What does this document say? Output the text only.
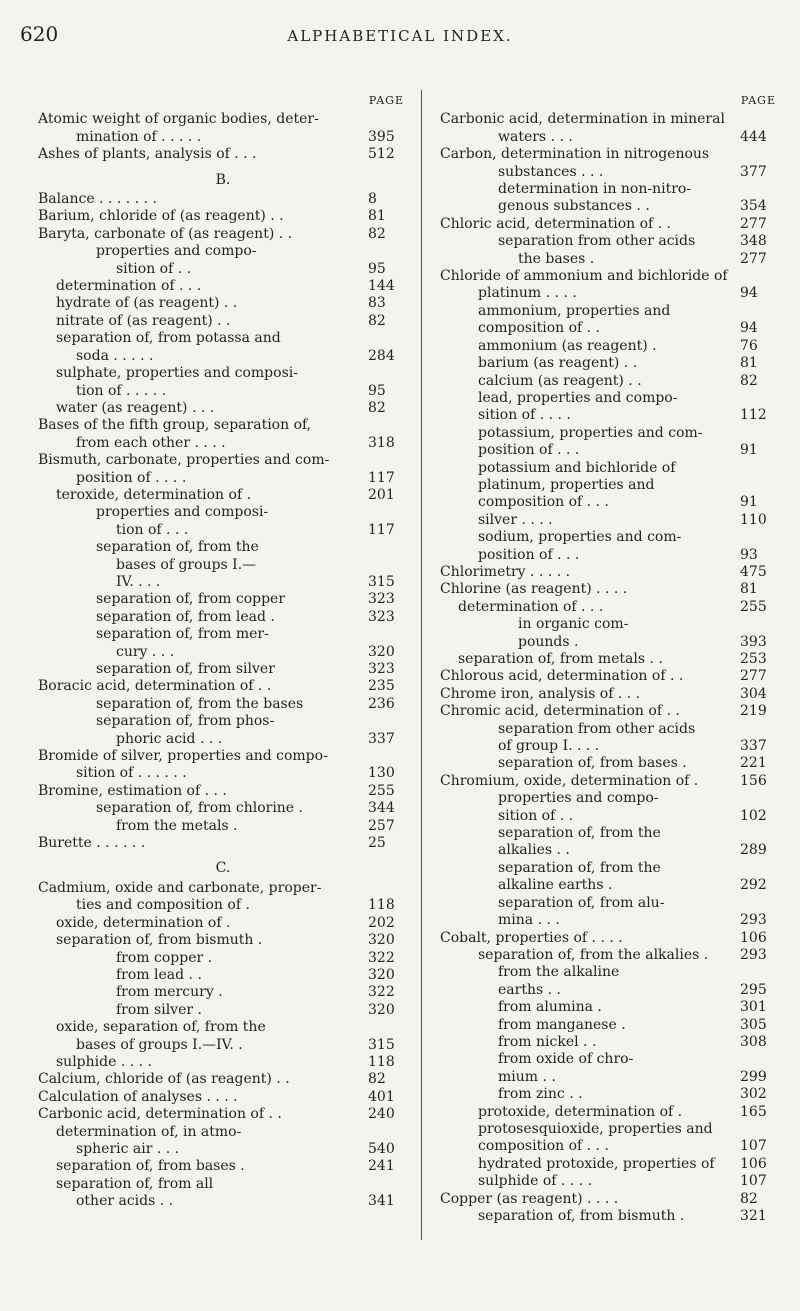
620	ALPHABETICAL INDEX.
PAGE
Atomic weight of organic bodies, deter-
mination of . . . . .	395
Ashes of plants, analysis of . . .	512
B.
Balance . . . . . . .	8
Barium, chloride of (as reagent) . .	81
Baryta, carbonate of (as reagent) . .	82
properties and compo-
sition of . .	95
determination of . . .	144
hydrate of (as reagent) . .	83
nitrate of (as reagent) . .	82
separation of, from potassa and
soda . . . . .	284
sulphate, properties and composi-
tion of . . . . .	95
water (as reagent) . . .	82
Bases of the fifth group, separation of,
from each other . . . .	318
Bismuth, carbonate, properties and com-
position of . . . .	117
teroxide, determination of .	201
properties and composi-
tion of . . .	117
separation of, from the
bases of groups I.—
IV. . . .	315
separation of, from copper	323
separation of, from lead .	323
separation of, from mer-
cury . . .	320
separation of, from silver	323
Boracic acid, determination of . .	235
separation of, from the bases	236
separation of, from phos-
phoric acid . . .	337
Bromide of silver, properties and compo-
sition of . . . . . .	130
Bromine, estimation of . . .	255
separation of, from chlorine .	344
from the metals .	257
Burette . . . . . .	25
C.
Cadmium, oxide and carbonate, proper-
ties and composition of .	118
oxide, determination of .	202
separation of, from bismuth .	320
from copper .	322
from lead . .	320
from mercury .	322
from silver .	320
oxide, separation of, from the
bases of groups I.—IV. .	315
sulphide . . . .	118
Calcium, chloride of (as reagent) . .	82
Calculation of analyses . . . .	401
Carbonic acid, determination of . .	240
determination of, in atmo-
spheric air . . .	540
separation of, from bases .	241
separation of, from all
other acids . .	341
PAGE
Carbonic acid, determination in mineral
waters . . .	444
Carbon, determination in nitrogenous
substances . . .	377
determination in non-nitro-
genous substances . .	354
Chloric acid, determination of . .	277
separation from other acids	348
the bases .	277
Chloride of ammonium and bichloride of
platinum . . . .	94
ammonium, properties and
composition of . .	94
ammonium (as reagent) .	76
barium (as reagent) . .	81
calcium (as reagent) . .	82
lead, properties and compo-
sition of . . . .	112
potassium, properties and com-
position of . . .	91
potassium and bichloride of
platinum, properties and
composition of . . .	91
silver . . . .	110
sodium, properties and com-
position of . . .	93
Chlorimetry . . . . .	475
Chlorine (as reagent) . . . .	81
determination of . . .	255
in organic com-
pounds .	393
separation of, from metals . .	253
Chlorous acid, determination of . .	277
Chrome iron, analysis of . . .	304
Chromic acid, determination of . .	219
separation from other acids
of group I. . . .	337
separation of, from bases .	221
Chromium, oxide, determination of .	156
properties and compo-
sition of . .	102
separation of, from the
alkalies . .	289
separation of, from the
alkaline earths .	292
separation of, from alu-
mina . . .	293
Cobalt, properties of . . . .	106
separation of, from the alkalies . 293
from the alkaline
earths . .	295
from alumina .	301
from manganese .	305
from nickel . .	308
from oxide of chro-
mium . .	299
from zinc . .	302
protoxide, determination of .	165
protosesquioxide, properties and
composition of . . .	107
hydrated protoxide, properties of 106
sulphide of . . . .	107
Copper (as reagent) . . . .	82
separation of, from bismuth .	321
